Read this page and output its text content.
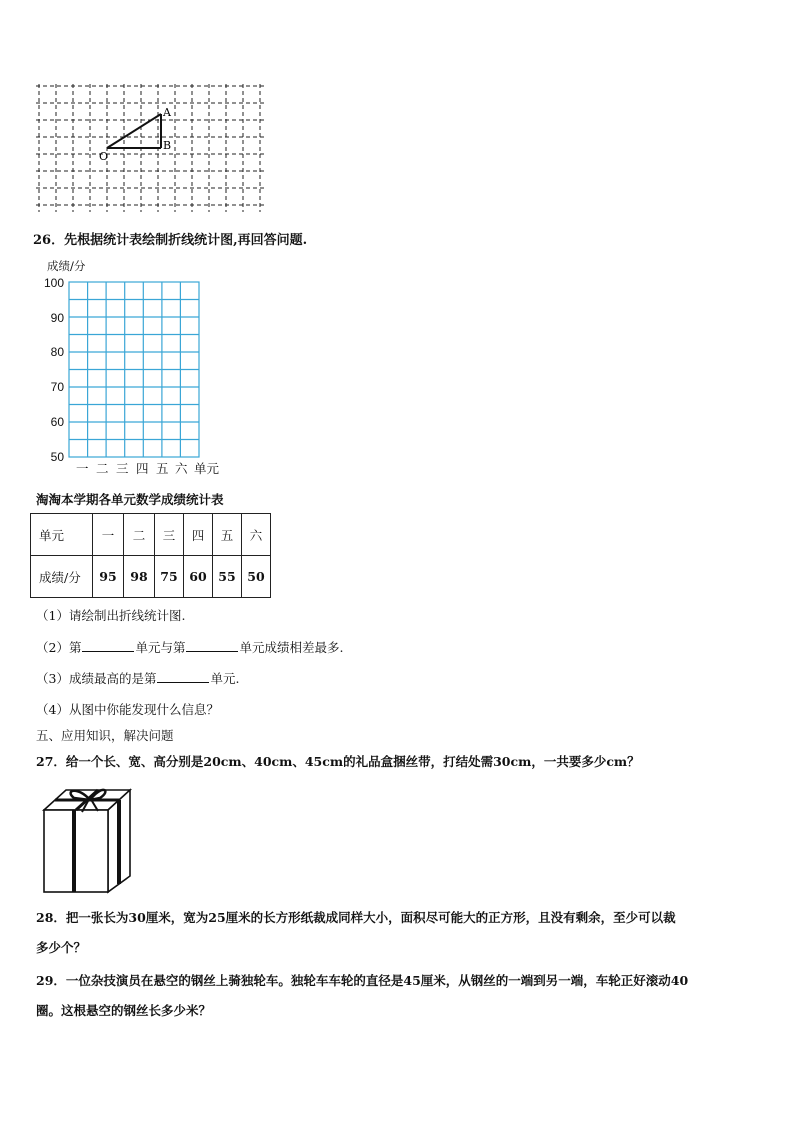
O
A
B
26．先根据统计表绘制折线统计图,再回答问题.
成绩/分
100
90
80
70
60
50
一 二 三 四 五 六 单元
淘淘本学期各单元数学成绩统计表
单元	一	二	三	四	五	六
成绩/分	95	98	75	60	55	50
（1）请绘制出折线统计图.
（2）第	单元与第	单元成绩相差最多.
（3）成绩最高的是第	单元.
（4）从图中你能发现什么信息？
五、应用知识，解决问题
27．给一个长、宽、高分别是20cm、40cm、45cm的礼品盒捆丝带，打结处需30cm，一共要多少cm？
28．把一张长为30厘米，宽为25厘米的长方形纸裁成同样大小，面积尽可能大的正方形，且没有剩余，至少可以裁
多少个？
29．一位杂技演员在悬空的钢丝上骑独轮车。独轮车车轮的直径是45厘米，从钢丝的一端到另一端，车轮正好滚动40
圈。这根悬空的钢丝长多少米？
